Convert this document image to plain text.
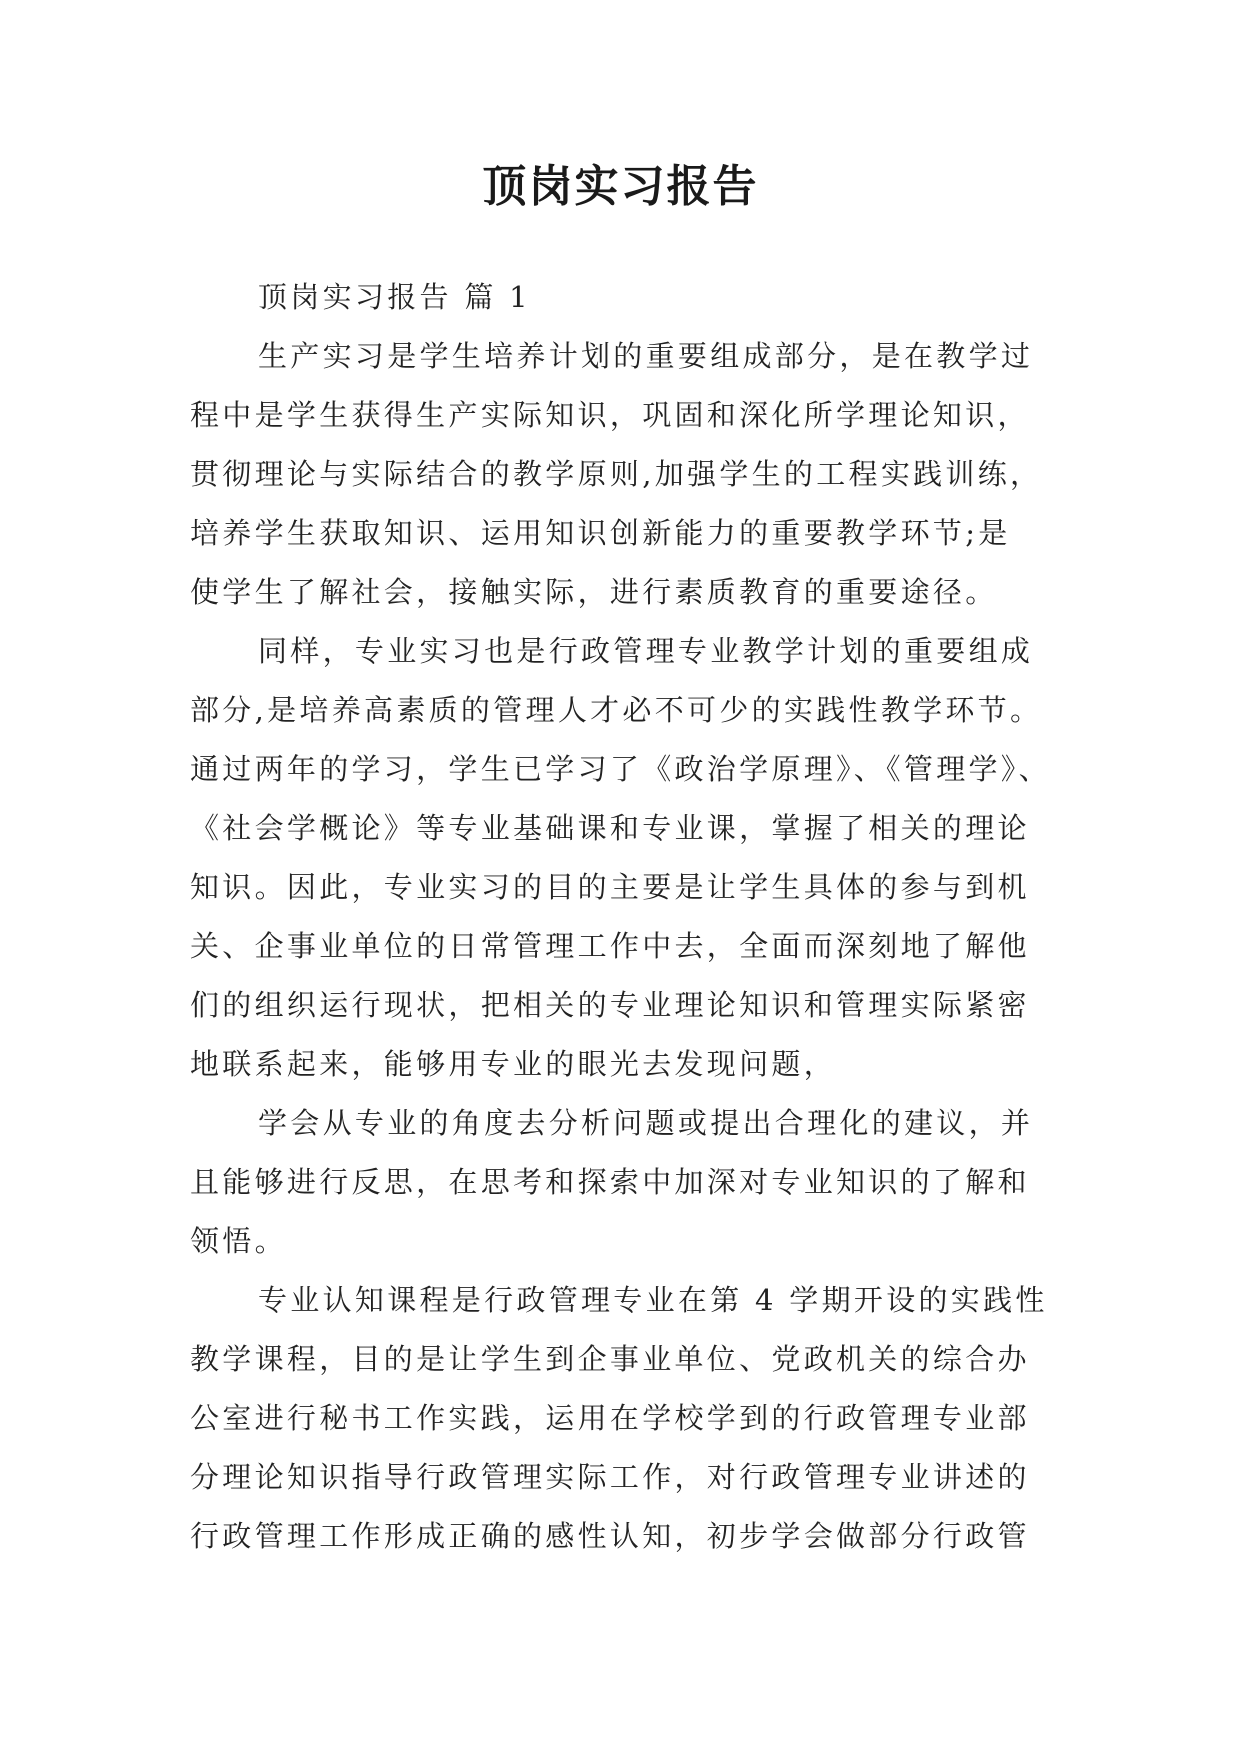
顶岗实习报告
顶岗实习报告 篇 1
生产实习是学生培养计划的重要组成部分，是在教学过
程中是学生获得生产实际知识，巩固和深化所学理论知识，
贯彻理论与实际结合的教学原则,加强学生的工程实践训练，
培养学生获取知识、运用知识创新能力的重要教学环节;是
使学生了解社会，接触实际，进行素质教育的重要途径。
同样，专业实习也是行政管理专业教学计划的重要组成
部分,是培养高素质的管理人才必不可少的实践性教学环节。
通过两年的学习，学生已学习了《政治学原理》、《管理学》、
《社会学概论》等专业基础课和专业课，掌握了相关的理论
知识。因此，专业实习的目的主要是让学生具体的参与到机
关、企事业单位的日常管理工作中去，全面而深刻地了解他
们的组织运行现状，把相关的专业理论知识和管理实际紧密
地联系起来，能够用专业的眼光去发现问题，
学会从专业的角度去分析问题或提出合理化的建议，并
且能够进行反思，在思考和探索中加深对专业知识的了解和
领悟。
专业认知课程是行政管理专业在第 4 学期开设的实践性
教学课程，目的是让学生到企事业单位、党政机关的综合办
公室进行秘书工作实践，运用在学校学到的行政管理专业部
分理论知识指导行政管理实际工作，对行政管理专业讲述的
行政管理工作形成正确的感性认知，初步学会做部分行政管
